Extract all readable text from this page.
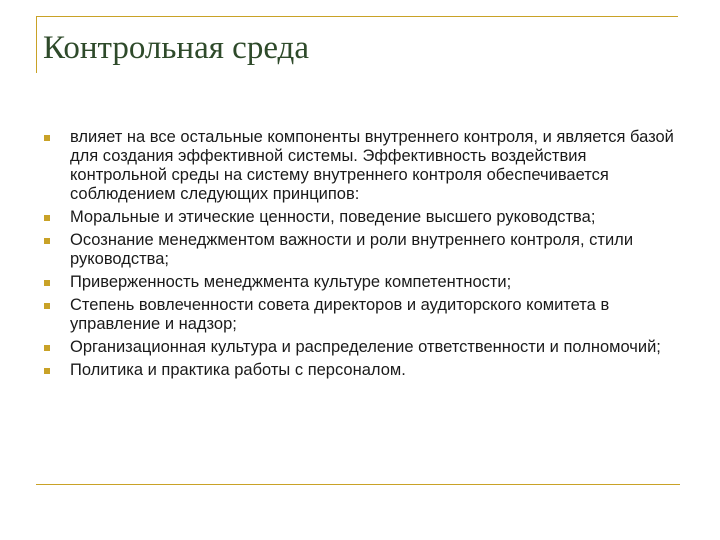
Контрольная среда
влияет на все остальные компоненты внутреннего контроля, и является базой для создания эффективной системы. Эффективность воздействия контрольной среды на систему внутреннего контроля обеспечивается соблюдением следующих принципов:
Моральные и этические ценности, поведение высшего руководства;
Осознание менеджментом важности и роли внутреннего контроля, стили руководства;
Приверженность менеджмента культуре компетентности;
Степень вовлеченности совета директоров и аудиторского комитета в управление и надзор;
Организационная культура и распределение ответственности и полномочий;
Политика и практика работы с персоналом.
